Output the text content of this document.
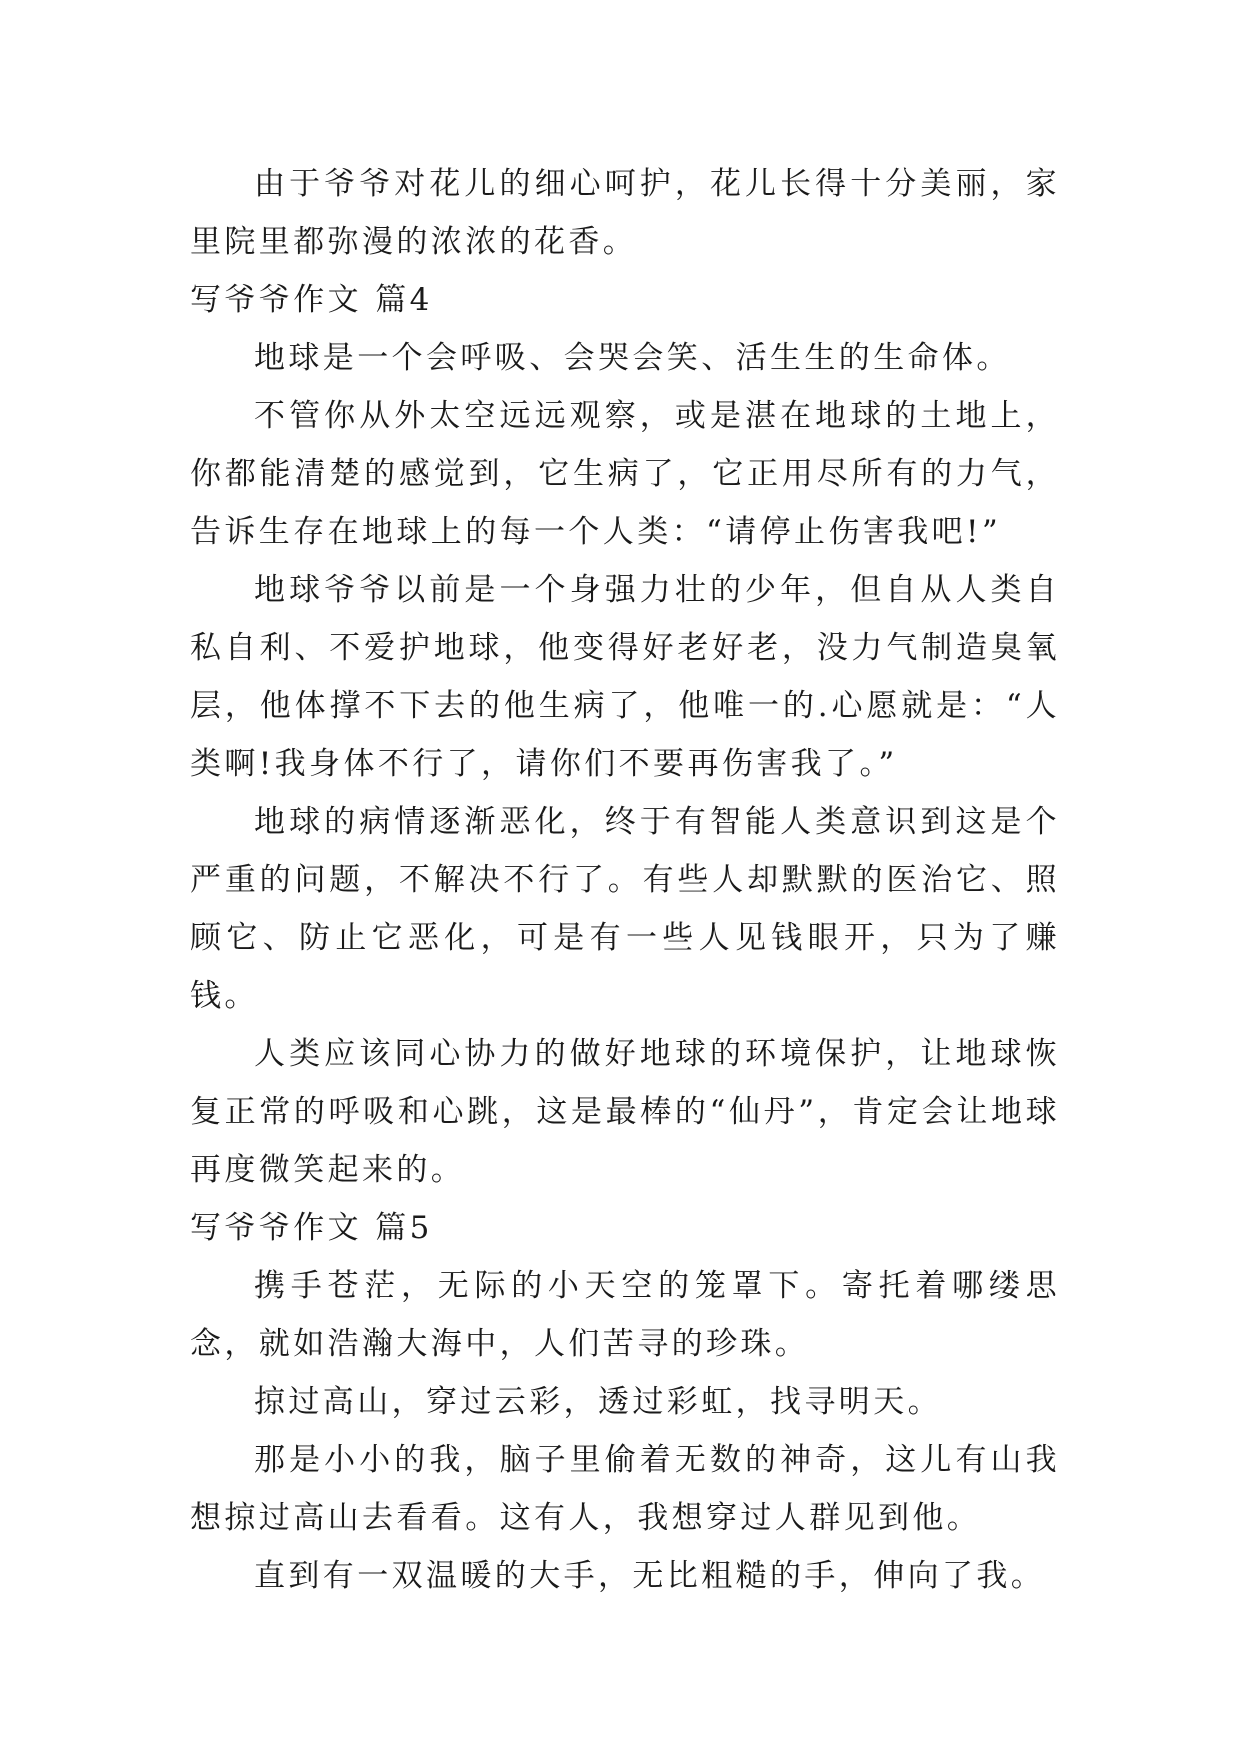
由于爷爷对花儿的细心呵护，花儿长得十分美丽，家里院里都弥漫的浓浓的花香。

写爷爷作文 篇4

地球是一个会呼吸、会哭会笑、活生生的生命体。

不管你从外太空远远观察，或是湛在地球的土地上，你都能清楚的感觉到，它生病了，它正用尽所有的力气，告诉生存在地球上的每一个人类：“请停止伤害我吧!”

地球爷爷以前是一个身强力壮的少年，但自从人类自私自利、不爱护地球，他变得好老好老，没力气制造臭氧层，他体撑不下去的他生病了，他唯一的.心愿就是：“人类啊!我身体不行了，请你们不要再伤害我了。”

地球的病情逐渐恶化，终于有智能人类意识到这是个严重的问题，不解决不行了。有些人却默默的医治它、照顾它、防止它恶化，可是有一些人见钱眼开，只为了赚钱。

人类应该同心协力的做好地球的环境保护，让地球恢复正常的呼吸和心跳，这是最棒的“仙丹”，肯定会让地球再度微笑起来的。

写爷爷作文 篇5

携手苍茫，无际的小天空的笼罩下。寄托着哪缕思念，就如浩瀚大海中，人们苦寻的珍珠。

掠过高山，穿过云彩，透过彩虹，找寻明天。

那是小小的我，脑子里偷着无数的神奇，这儿有山我想掠过高山去看看。这有人，我想穿过人群见到他。

直到有一双温暖的大手，无比粗糙的手，伸向了我。
